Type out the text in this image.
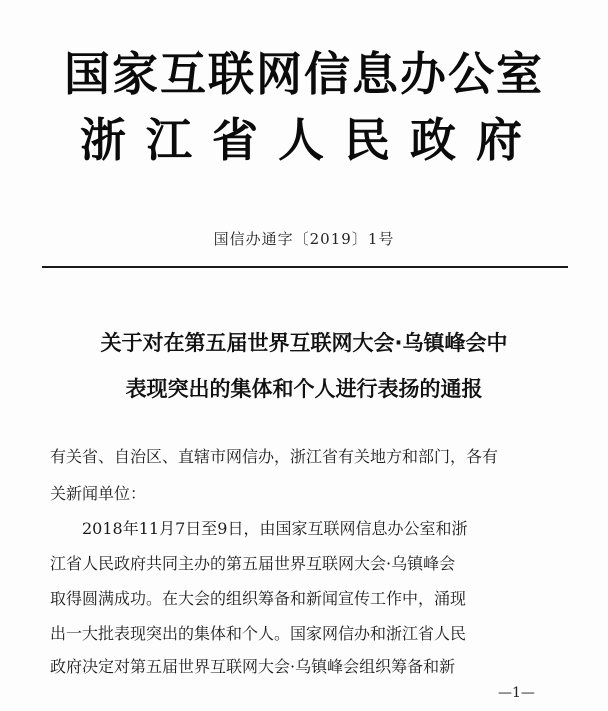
国家互联网信息办公室
浙江省人民政府
国信办通字〔2019〕1号
关于对在第五届世界互联网大会·乌镇峰会中
表现突出的集体和个人进行表扬的通报
有关省、自治区、直辖市网信办，浙江省有关地方和部门，各有
关新闻单位：
2018年11月7日至9日，由国家互联网信息办公室和浙
江省人民政府共同主办的第五届世界互联网大会·乌镇峰会
取得圆满成功。在大会的组织筹备和新闻宣传工作中，涌现
出一大批表现突出的集体和个人。国家网信办和浙江省人民
政府决定对第五届世界互联网大会·乌镇峰会组织筹备和新
—1—
